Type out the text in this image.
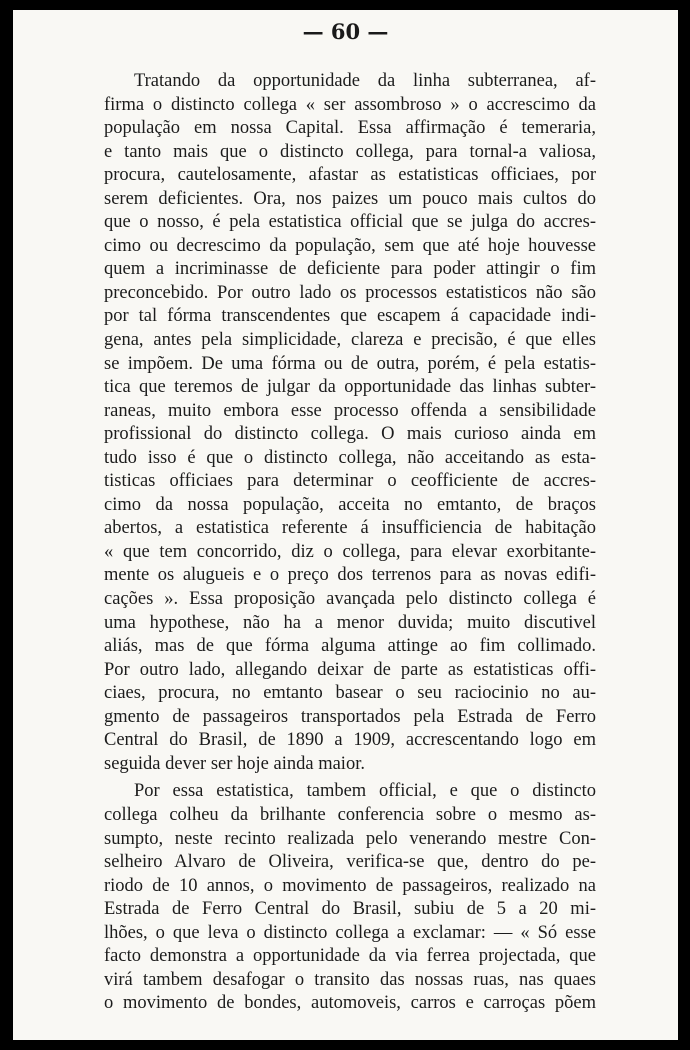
— 60 —
Tratando da opportunidade da linha subterranea, af-
firma o distincto collega « ser assombroso » o accrescimo da
população em nossa Capital. Essa affirmação é temeraria,
e tanto mais que o distincto collega, para tornal-a valiosa,
procura, cautelosamente, afastar as estatisticas officiaes, por
serem deficientes. Ora, nos paizes um pouco mais cultos do
que o nosso, é pela estatistica official que se julga do accres-
cimo ou decrescimo da população, sem que até hoje houvesse
quem a incriminasse de deficiente para poder attingir o fim
preconcebido. Por outro lado os processos estatisticos não são
por tal fórma transcendentes que escapem á capacidade indi-
gena, antes pela simplicidade, clareza e precisão, é que elles
se impõem. De uma fórma ou de outra, porém, é pela estatis-
tica que teremos de julgar da opportunidade das linhas subter-
raneas, muito embora esse processo offenda a sensibilidade
profissional do distincto collega. O mais curioso ainda em
tudo isso é que o distincto collega, não acceitando as esta-
tisticas officiaes para determinar o ceofficiente de accres-
cimo da nossa população, acceita no emtanto, de braços
abertos, a estatistica referente á insufficiencia de habitação
« que tem concorrido, diz o collega, para elevar exorbitante-
mente os alugueis e o preço dos terrenos para as novas edifi-
cações ». Essa proposição avançada pelo distincto collega é
uma hypothese, não ha a menor duvida; muito discutivel
aliás, mas de que fórma alguma attinge ao fim collimado.
Por outro lado, allegando deixar de parte as estatisticas offi-
ciaes, procura, no emtanto basear o seu raciocinio no au-
gmento de passageiros transportados pela Estrada de Ferro
Central do Brasil, de 1890 a 1909, accrescentando logo em
seguida dever ser hoje ainda maior.
Por essa estatistica, tambem official, e que o distincto
collega colheu da brilhante conferencia sobre o mesmo as-
sumpto, neste recinto realizada pelo venerando mestre Con-
selheiro Alvaro de Oliveira, verifica-se que, dentro do pe-
riodo de 10 annos, o movimento de passageiros, realizado na
Estrada de Ferro Central do Brasil, subiu de 5 a 20 mi-
lhões, o que leva o distincto collega a exclamar: — « Só esse
facto demonstra a opportunidade da via ferrea projectada, que
virá tambem desafogar o transito das nossas ruas, nas quaes
o movimento de bondes, automoveis, carros e carroças põem
